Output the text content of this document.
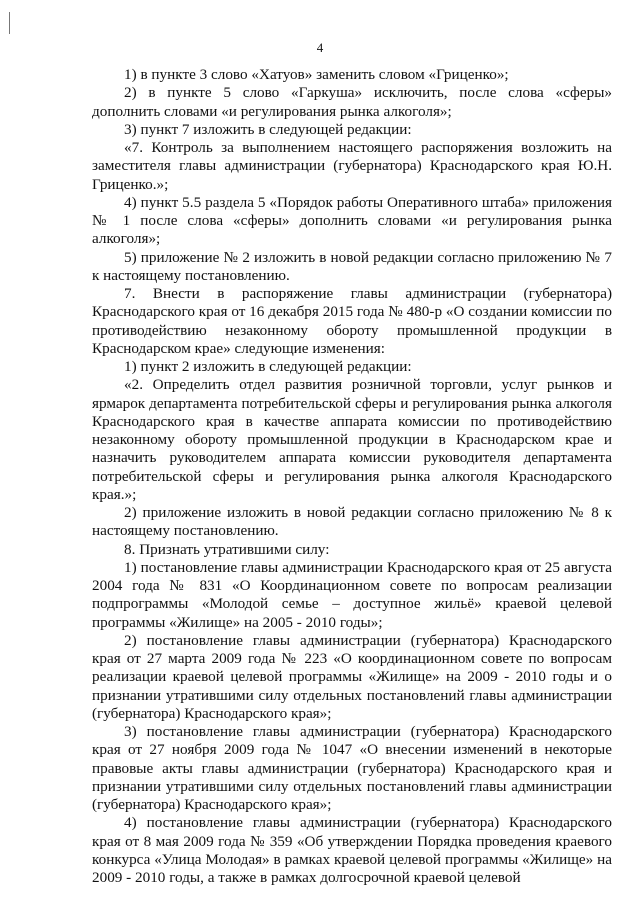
4

1) в пункте 3 слово «Хатуов» заменить словом «Гриценко»;

2) в пункте 5 слово «Гаркуша» исключить, после слова «сферы» дополнить словами «и регулирования рынка алкоголя»;

3) пункт 7 изложить в следующей редакции:

«7. Контроль за выполнением настоящего распоряжения возложить на заместителя главы администрации (губернатора) Краснодарского края Ю.Н. Гриценко.»;

4) пункт 5.5 раздела 5 «Порядок работы Оперативного штаба» приложения № 1 после слова «сферы» дополнить словами «и регулирования рынка алкоголя»;

5) приложение № 2 изложить в новой редакции согласно приложению № 7 к настоящему постановлению.

7. Внести в распоряжение главы администрации (губернатора) Краснодарского края от 16 декабря 2015 года № 480-р «О создании комиссии по противодействию незаконному обороту промышленной продукции в Краснодарском крае» следующие изменения:

1) пункт 2 изложить в следующей редакции:

«2. Определить отдел развития розничной торговли, услуг рынков и ярмарок департамента потребительской сферы и регулирования рынка алкоголя Краснодарского края в качестве аппарата комиссии по противодействию незаконному обороту промышленной продукции в Краснодарском крае и назначить руководителем аппарата комиссии руководителя департамента потребительской сферы и регулирования рынка алкоголя Краснодарского края.»;

2) приложение изложить в новой редакции согласно приложению № 8 к настоящему постановлению.

8. Признать утратившими силу:

1) постановление главы администрации Краснодарского края от 25 августа 2004 года № 831 «О Координационном совете по вопросам реализации подпрограммы «Молодой семье – доступное жильё» краевой целевой программы «Жилище» на 2005 - 2010 годы»;

2) постановление главы администрации (губернатора) Краснодарского края от 27 марта 2009 года № 223 «О координационном совете по вопросам реализации краевой целевой программы «Жилище» на 2009 - 2010 годы и о признании утратившими силу отдельных постановлений главы администрации (губернатора) Краснодарского края»;

3) постановление главы администрации (губернатора) Краснодарского края от 27 ноября 2009 года № 1047 «О внесении изменений в некоторые правовые акты главы администрации (губернатора) Краснодарского края и признании утратившими силу отдельных постановлений главы администрации (губернатора) Краснодарского края»;

4) постановление главы администрации (губернатора) Краснодарского края от 8 мая 2009 года № 359 «Об утверждении Порядка проведения краевого конкурса «Улица Молодая» в рамках краевой целевой программы «Жилище» на 2009 - 2010 годы, а также в рамках долгосрочной краевой целевой
